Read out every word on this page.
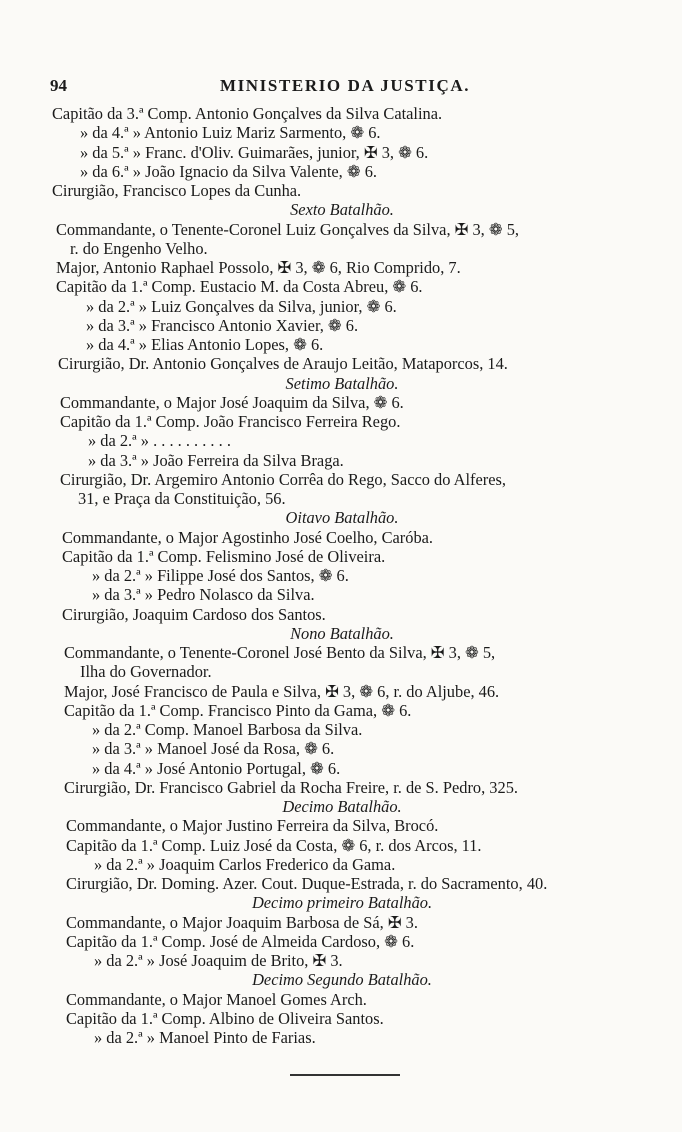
94	MINISTERIO DA JUSTIÇA.
Capitão da 3.ª Comp. Antonio Gonçalves da Silva Catalina.
» da 4.ª » Antonio Luiz Mariz Sarmento, ❁ 6.
» da 5.ª » Franc. d'Oliv. Guimarães, junior, ✠ 3, ❁ 6.
» da 6.ª » João Ignacio da Silva Valente, ❁ 6.
Cirurgião, Francisco Lopes da Cunha.
Sexto Batalhão.
Commandante, o Tenente-Coronel Luiz Gonçalves da Silva, ✠ 3, ❁ 5,
r. do Engenho Velho.
Major, Antonio Raphael Possolo, ✠ 3, ❁ 6, Rio Comprido, 7.
Capitão da 1.ª Comp. Eustacio M. da Costa Abreu, ❁ 6.
» da 2.ª » Luiz Gonçalves da Silva, junior, ❁ 6.
» da 3.ª » Francisco Antonio Xavier, ❁ 6.
» da 4.ª » Elias Antonio Lopes, ❁ 6.
Cirurgião, Dr. Antonio Gonçalves de Araujo Leitão, Mataporcos, 14.
Setimo Batalhão.
Commandante, o Major José Joaquim da Silva, ❁ 6.
Capitão da 1.ª Comp. João Francisco Ferreira Rego.
» da 2.ª » . . . . . . . . . .
» da 3.ª » João Ferreira da Silva Braga.
Cirurgião, Dr. Argemiro Antonio Corrêa do Rego, Sacco do Alferes,
31, e Praça da Constituição, 56.
Oitavo Batalhão.
Commandante, o Major Agostinho José Coelho, Caróba.
Capitão da 1.ª Comp. Felismino José de Oliveira.
» da 2.ª » Filippe José dos Santos, ❁ 6.
» da 3.ª » Pedro Nolasco da Silva.
Cirurgião, Joaquim Cardoso dos Santos.
Nono Batalhão.
Commandante, o Tenente-Coronel José Bento da Silva, ✠ 3, ❁ 5,
Ilha do Governador.
Major, José Francisco de Paula e Silva, ✠ 3, ❁ 6, r. do Aljube, 46.
Capitão da 1.ª Comp. Francisco Pinto da Gama, ❁ 6.
» da 2.ª Comp. Manoel Barbosa da Silva.
» da 3.ª » Manoel José da Rosa, ❁ 6.
» da 4.ª » José Antonio Portugal, ❁ 6.
Cirurgião, Dr. Francisco Gabriel da Rocha Freire, r. de S. Pedro, 325.
Decimo Batalhão.
Commandante, o Major Justino Ferreira da Silva, Brocó.
Capitão da 1.ª Comp. Luiz José da Costa, ❁ 6, r. dos Arcos, 11.
» da 2.ª » Joaquim Carlos Frederico da Gama.
Cirurgião, Dr. Doming. Azer. Cout. Duque-Estrada, r. do Sacramento, 40.
Decimo primeiro Batalhão.
Commandante, o Major Joaquim Barbosa de Sá, ✠ 3.
Capitão da 1.ª Comp. José de Almeida Cardoso, ❁ 6.
» da 2.ª » José Joaquim de Brito, ✠ 3.
Decimo Segundo Batalhão.
Commandante, o Major Manoel Gomes Arch.
Capitão da 1.ª Comp. Albino de Oliveira Santos.
» da 2.ª » Manoel Pinto de Farias.
